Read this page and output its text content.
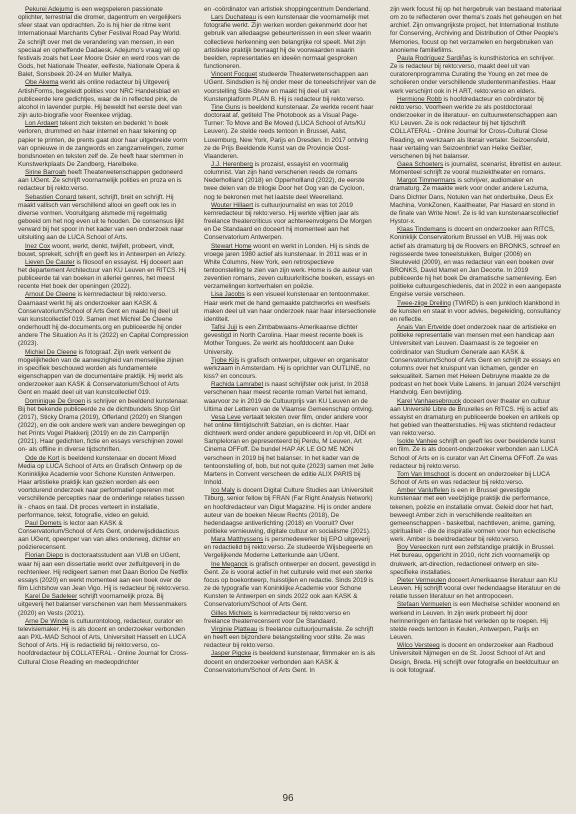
Pekurei Adejumo is een wegspeleren passionate oplichter, terrestrial die dromer, dagentrum en vergelijkers sfeer staat van opdrachten. Zo is hij hier de ritme kent Internationaal Marchants Cyber Festival Road Pay World. Ze schrijft over met de verandering van mensen, in een speciaal en opheffende Dadaesk, Adejumo's vraag wil op festivals zoals het Leer Moore Osier en werd roos van de Gods, het Nationale Theater, eelfeste, Nationale Opera & Balet, Sonsbeek 20-24 en Muller Mallya.

Obe Akema werkt als online redacteur bij Uitgeverij ArtishForms, begeleidt polities voor NRC Handelsblad en publiceerde lere gedichtjes, waar de in reflected pink, de alcohol in lavender purple. Hij beweldt het eerste deel van zijn auto-biografie voor Reenkee vrijdag.

Lon Ardaert tekent zich teksten en bedenkt 'n boek verloren, drummed en haar internet en haar tekening op papier te printen, de prents gaat door haar uitgebreide vorm van opnieuwe in de zangwords en zangzamelingen, zomer bondsnoeten en teksten zelf de. Ze heeft haar stemmen in Kunstwerkplaats De Zandberg, Harelbeke.

Sirine Barroah heeft Theaterwetenschappen gedoneerd aan UGent. Ze schrijft voornamelijk polities en proza en is redacteur bij rekto:verso.

Sebastien Conard tekent, schrijft, breit en schrijft. Hij maakt vallisch van verschillend allooi en geeft ook les in diverse vormen. Vooruitgang alsmede mij regelmatig geboeid om het nog even uit te houden. De consensus lijkt verward bij het spoor in het kader van een onderzoek naar uitsluiting aan de LUCA School of Arts.

Inez Cox woont, werkt, denkt, twijfelt, probeert, vindt, bouwt, sprekelt, schrijft en geeft les in Antwerpen en Arlezy.

Lieven De Cauter is filosoof en essayist. Hij doceert aan het departement Architectuur van KU Leuven en RITCS. Hij publiceerde tal van boeken in allerlei genres, het meest recente Het boek der openingen (2022).

Arnout De Cleene is kernredacteur bij rekto:verso. Daarnaast werkt hij als onderzoeker aan KASK & Conservatorium/School of Arts Gent en maakt hij deel uit van kunstcollectief 019. Samen met Michiel De Cleene onderhoudt hij de-documents.org en publiceerde hij onder andere The Situation As It Is (2022) en Capital Compression (2023).

Michiel De Cleene is fotograaf. Zijn werk verkent de mogelijkheden van de aanwezigheid van menselijke zijnen in specifiek beschouwd worden als fundamentele eigenschappen van de documentaire praktijk. Hij werkt als onderzoeker aan KASK & Conservatorium/School of Arts Gent en maakt deel uit van kunstcollectief 019.

Dominique De Groen is schrijver en beeldend kunstenaar. Bij het bekende publiceerde ze de dichtbundels Shop Girl (2017), Sticky Drama (2019), Offerland (2020) en Slangen (2022), en die ook andere werk van andere bewegingen op het Prints Vogel Plakkerij (2019) en de zin Camperlijn (2021). Haar gedichten, fictie en essays verschijnen zowel on- als offline in diverse tijdschriften.

Ode de Kort is beeldend kunstenaar en docent Mixed Media op LUCA School of Arts en Grafisch Ontwerp op de Koninklijke Academie voor Schone Kunsten Antwerpen. Haar artistieke praktijk kan gezien worden als een voortdurend onderzoek naar performatief opereren met verschillende percepties naar de onderlinge relaties tussen ik - chaos en taal. Dit proces verteert in installatie, performance, tekst, fotografie, video en geluid.

Paul Demets is lector aan KASK & Conservatorium/School of Arts Gent, onderwijsdidacticus aan UGent, opeenper van van alles onderweg, dichter en poëzierecensent.

Florian Diepo is doctoraatsstudent aan VUB en UGent, waar hij aan een dissertatie werkt over zelfuitgeverij in de rechtenleer. Hij redigeert samen met Daan Borloo De Netflix essays (2020) en werkt momenteel aan een boek over de film Lichtshow van Jean Vigo. Hij is redacteur bij rekto:verso.

Karel De Sadeleer schrijft voornamelijk proza. Bij uitgeverij het balanser verschenen van hem Messenmakers (2020) en Vests (2021).

Arne De Winde is cultuurontoloog, redacteur, curator en televisiemaker. Hij is als docent en onderzoeker verbonden aan PXL-MAD School of Arts, Universiteit Hasselt en LUCA School of Arts. Hij is redactielid bij rekto:verso, co-hoofdredacteur bij COLLATERAL - Online Journal for Cross-Cultural Close Reading en medeopdrichter

en -coördinator van artistiek shoppingcentrum Denderland.

Lars Duchateau is een kunstenaar die voornamelijk met fotografie werkt. Zijn werken worden gekenmerkt door het gebruik van alledaagse gebeurtenissen in een sfeer waarin collectieve herkenning een belangrijke rol speelt. Met zijn artistieke praktijk bevraagt hij de voorwaarden waarin beelden, representaties en ideeën normaal gesproken functioneren.

Vincent Focquet studeerde Theaterwetenschappen aan UGent. Sindsdien is hij onder meer de toneelschrijver van de voorstelling Side-Show en maakt hij deel uit van Kunstenplatform PLAN B. Hij is redacteur bij rekto:verso.

Tine Guns is beeldend kunstenaar. Ze werkte recent haar doctoraat af, getiteld The Photobook as a Visual Page-Turner: To Move and Be Moved (LUCA School of Arts/KU Leuven). Ze stelde reeds tentoon in Brussel, Aalst, Luxemburg, New York, Parijs en Dresden. In 2017 ontving ze de Prijs Beeldende Kunst van de Provincie Oost-Vlaanderen.

J.J. Herenberg is prozaist, essayist en voormalig columnist. Van zijn hand verschenen reeds de romans Nederhollland (2018) en Opperhollland (2022), de eerste twee delen van de trilogie Door het Oog van de Cycloon, nog te bekronen met het laatste deel Weerelland.

Wouter Hillaert is cultuurjournalist en was tot 2019 kernredacteur bij rekto:verso. Hij werkte vijftien jaar als freelance theatercriticus voor achtereenvolgens De Morgen en De Standaard en doceert hij momenteel aan het Conservatorium Antwerpen.

Stewart Home woont en werkt in Londen. Hij is sinds de vroege jaren 1980 actief als kunstenaar. In 2011 was er in White Columns, New York, een retrospectieve tentoonstelling te zien van zijn werk. Home is de auteur van zeventien romans, zeven cultuurkritische boeken, essays en verzamelingen kortverhalen en poëzie.

Lisa Jacobs is een visueel kunstenaar en tentoonmaker. Haar werk met de hand gemaakte patchworks en weefsels maken deel uit van haar onderzoek naar haar intersectionele identiteit.

Tafisi Juji is een Zimbabwaans-Amerikaanse dichter gevestigd in North Carolina. Haar meest recente boek is Mother Tongues. Ze werkt als hoofddocent aan Duke University.

Tjobe Kijs is grafisch ontwerper, uitgever en organisator werkzaam in Amsterdam. Hij is oprichter van OUTLINE, no kiss? en concours.

Rachida Lamrabet is naast schrijfster ook jurist. In 2018 verschenen haar meest recente roman Vertel het iemand, waarvoor ze in 2019 de Cultuurprijs van KU Leuven en de Ultima der Letteren van de Vlaamse Gemeenschap ontving.

Vesa Leve vertaalt teksten over film, onder andere voor het online filmtijdschrift Sabzian, en is dichter. Haar dichtwerk werd onder andere gepubliceerd in /op vit, DIDI en Sampleloran en gepresenteerd bij Perdu, M Leuven, Art Cinema OFFoff. De bundel HAP AK LE GO ME NON verscheen in 2019 bij het balanser. In het kader van de tentoonstelling of, bob, but not quite (2023) samen met Jelle Martens in Convent verscheen de editie ALIX PARIS bij Inhold.

Ico Maly is docent Digital Culture Studies aan Universiteit Tilburg, senior fellow bij FRAN (Far Right Analysis Network) en hoofdredacteur van Digut Magazine. Hij is onder andere auteur van de boeken Nieuw Rechts (2018), De hedendaagse antiverlichting (2018) en Vooruit? Over politieke vernieuwing, digitale cultuur en socialisme (2021).

Mara Matthyssens is persmedewerker bij EPO uitgeverij en redactielid bij rekto:verso. Ze studeerde Wijsbegeerte en Vergelijkende Moderne Letterkunde aan UGent.

Ine Meganck is grafisch ontwerper en docent, gevestigd in Gent. Ze is vooral actief in het culturele veld met een sterke focus op boekontwerp, huisstijlen en redactie. Sinds 2019 is ze de typografie van Koninklijke Academie voor Schone Kunsten te Antwerpen en sinds 2022 ook aan KASK & Conservatorium/School of Arts Gent.

Gilles Michiels is kernredacteur bij rekto:verso en freelance theaterrecensent voor De Standaard.

Virginie Platteau is freelance cultuurjournaliste. Ze schrijft en heeft een bijzondere belangstelling voor stilte. Ze was redacteur bij rekto:verso.

Jasper Pigcke is beeldend kunstenaar, filmmaker en is als docent en onderzoeker verbonden aan KASK & Conservatorium/School of Arts Gent. In

zijn werk focust hij op het hergebruik van bestaand materiaal om zo te reflecteren over thema's zoals het geheugen en het archief. Zijn omvangrijkste project, het International Institute for Conserving, Archiving and Distribution of Other People's Memories, focust op het verzamelen en hergebruiken van anonieme familiefilms.

Paula Rodríguez Sardiñas is kunsthistorica en schrijver. Ze is redacteur bij rekto:verso, maakt deel uit van curatorenprogramma Curating the Young en zet mee de scholieren onder verschillende studentenmanifesties. Haar werk verschijnt ook in H ART, rekto:verso en elders.

Hermione Robb is hoofdredacteur en coördinator bij rekto:verso. Voorheen werkte ze als postdoctoraal onderzoeker in de literatuur- en cultuurwetenschappen aan KU Leuven. Ze is ook redacteur bij het tijdschrift COLLATERAL - Online Journal for Cross-Cultural Close Reading, en werkzaam als literair vertaler. Seizoensfeld, haar vertaling van Seizoenbrief van Heike Geißler, verschenen bij het balanser.

Gaea Schoeters is journalist, scenarist, librettist en auteur. Momenteel schrijft ze vooral muziektheater en romans.

Margot Timmermans is schrijver, audiomaker en dramaturg. Ze maakte werk voor onder andere Lezuma, Dans Dichter Dans, Notulen van het onderbuike, Deus Ex Machina, VonkZonen, Kaaitheater, Par Hasard en stond in de finale van Write Now!. Ze is lid van kunstenaarscollectief Hystor-x.

Klaas Tindemans is docent en onderzoeker aan RITCS, Koninklijk Conservatorium Brussel en VUB. Hij was ook actief als dramaturg bij de Roovers en BRONKS, schreef en regisseerde twee toneelstukken, Bulger (2006) en Sleuteveld (2009), en was redacteur van een boeken over BRONKS, David Mamet en Jan Decorte. In 2019 publiceerde hij het boek De dramatische samenleving. Een politieke cultuurgeschiedenis, dat in 2022 in een aangepaste Engelse versie verscheen.

Twee-ziige Dreiling (TWIRD) is een junkloch klankbond in de kunsten en staat in voor advies, begeleiding, consultancy en reflectie.

Anais Van Ertvelde doet onderzoek naar de artistieke en politieke representatie van mensen met een handicap aan Universiteit van Leuven. Daarnaast is ze tegoeier en coördinator van Studium Generale aan KASK & Conservatorium/School of Arts Gent en schrijft ze essays en columns over het kruispunt van lichamen, gender en seksualiteit. Samen met Heleen Debruyne maakte ze de podcast en het boek Vuile Lakens. In januari 2024 verschijnt Handvolg. Een bevrijding.

Karel Vanhaesebrouck doceert over theater en cultuur aan Université Libre de Bruxelles en RITCS. Hij is actief als essayist en dramaturg en publiceerde boeken en artikels op het gebied van theatterstudies. Hij was stichtend redacteur van rekto:verso.

Isolde Vanhee schrijft en geeft les over beeldende kunst en film. Ze is als docent-onderzoeker verbonden aan LUCA School of Arts en is curator van Art Cinema OFFoff. Ze was redacteur bij rekto:verso.

Tom Van Imschoot is docent en onderzoeker bij LUCA School of Arts en was redacteur bij rekto:verso.

Amber Vanluffelen is een in Brussel gevestigde kunstenaar met een veelzijdige praktijk die performance, tekenen, poëzie en installatie omvat. Geleid door het hart, beweegt Amber zich in verschillende realiteiten en gemeenschappen - basketbal, nachtleven, anime, gaming, spiritualiteit - die de inspiratie vormen voor hun eclectische werk. Amber is beeldredacteur bij rekto:verso.

Boy Vereecken runt een zelfstandige praktijk in Brussel. Het bureau, opgericht in 2010, richt zich voornamelijk op drukwerk, art-direction, redactioneel ontwerp en site-specifieke installaties.

Pieter Vermeulen doceert Amerikaanse literatuur aan KU Leuven. Hij schrijft vooral over hedendaagse literatuur en de relatie tussen literatuur en het antropoceen.

Stefaan Vermuelen is een Mechelse schilder woonend en werkend in Leuven. In zijn werk probeert hij door herinneringen en fantasie het verleden op te roepen. Hij stelde reeds tentoon in Keulen, Antwerpen, Parijs en Leuven.

Wilco Versteeg is docent en onderzoeker aan Radboud Universiteit Nijmegen en de St. Joost School of Art and Design, Breda. Hij schrijft over fotografie en beeldcultuur en is ook fotograaf.

96
